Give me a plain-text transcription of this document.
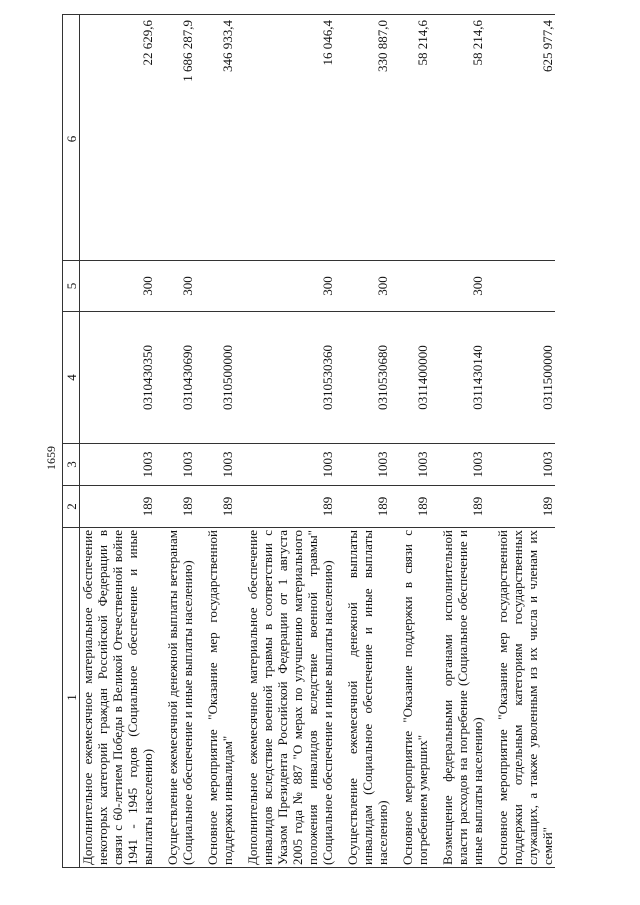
1659
1	2	3	4	5	6
Дополнительное ежемесячное материальное обеспечение некоторых категорий граждан Российской Федерации в связи с 60-летием Победы в Великой Отечественной войне 1941 - 1945 годов (Социальное обеспечение и иные выплаты населению)	189	1003	0310430350	300	22 629,6

Осуществление ежемесячной денежной выплаты ветеранам (Социальное обеспечение и иные выплаты населению)	189	1003	0310430690	300	1 686 287,9

Основное мероприятие "Оказание мер государственной поддержки инвалидам"	189	1003	0310500000		346 933,4

Дополнительное ежемесячное материальное обеспечение инвалидов вследствие военной травмы в соответствии с Указом Президента Российской Федерации от 1 августа 2005 года № 887 "О мерах по улучшению материального положения инвалидов вследствие военной травмы" (Социальное обеспечение и иные выплаты населению)	189	1003	0310530360	300	16 046,4

Осуществление ежемесячной денежной выплаты инвалидам (Социальное обеспечение и иные выплаты населению)	189	1003	0310530680	300	330 887,0

Основное мероприятие "Оказание поддержки в связи с погребением умерших"	189	1003	0311400000		58 214,6

Возмещение федеральными органами исполнительной власти расходов на погребение (Социальное обеспечение и иные выплаты населению)	189	1003	0311430140	300	58 214,6

Основное мероприятие "Оказание мер государственной поддержки отдельным категориям государственных служащих, а также уволенным из их числа и членам их семей"	189	1003	0311500000		625 977,4
